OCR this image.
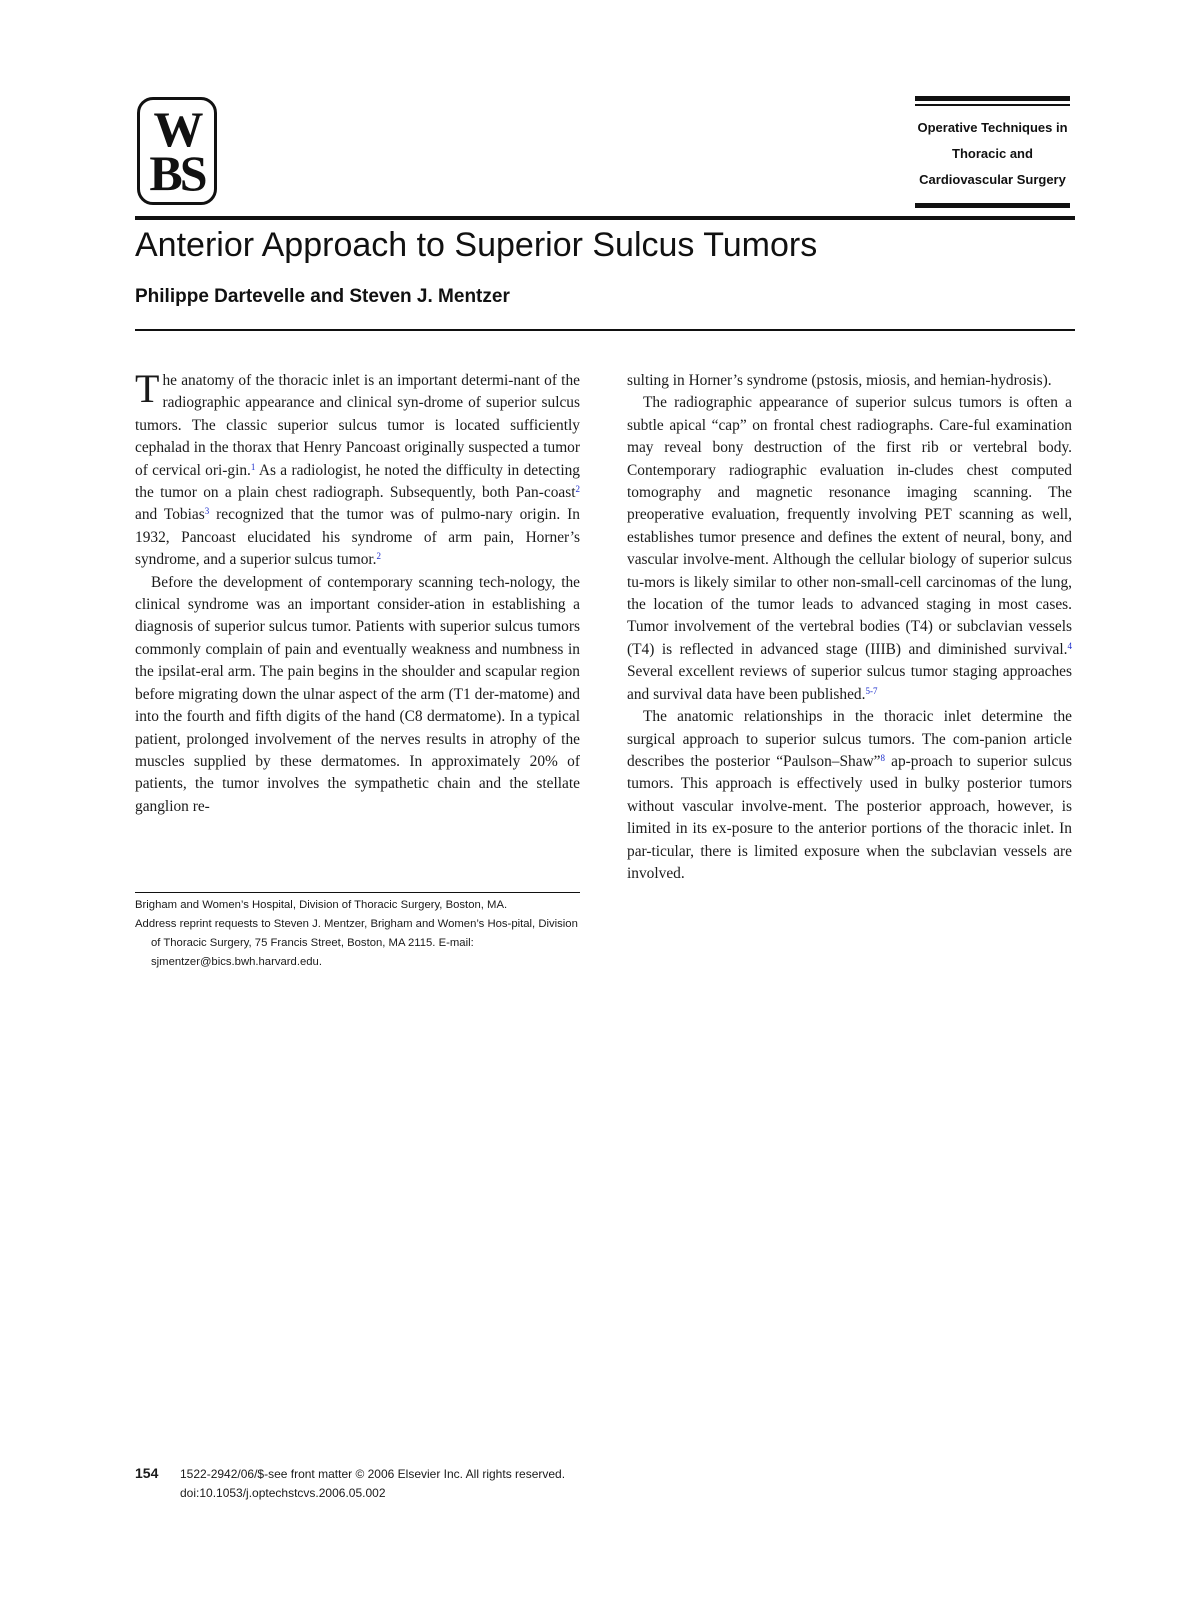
W
BS
Operative Techniques in
Thoracic and
Cardiovascular Surgery
Anterior Approach to Superior Sulcus Tumors
Philippe Dartevelle and Steven J. Mentzer

The anatomy of the thoracic inlet is an important determi-nant of the radiographic appearance and clinical syn-drome of superior sulcus tumors. The classic superior sulcus tumor is located sufficiently cephalad in the thorax that Henry Pancoast originally suspected a tumor of cervical ori-gin.$^1$ As a radiologist, he noted the difficulty in detecting the tumor on a plain chest radiograph. Subsequently, both Pan-coast$^2$ and Tobias$^3$ recognized that the tumor was of pulmo-nary origin. In 1932, Pancoast elucidated his syndrome of arm pain, Horner’s syndrome, and a superior sulcus tumor.$^2$

Before the development of contemporary scanning tech-nology, the clinical syndrome was an important consider-ation in establishing a diagnosis of superior sulcus tumor. Patients with superior sulcus tumors commonly complain of pain and eventually weakness and numbness in the ipsilat-eral arm. The pain begins in the shoulder and scapular region before migrating down the ulnar aspect of the arm (T1 der-matome) and into the fourth and fifth digits of the hand (C8 dermatome). In a typical patient, prolonged involvement of the nerves results in atrophy of the muscles supplied by these dermatomes. In approximately 20% of patients, the tumor involves the sympathetic chain and the stellate ganglion re-

sulting in Horner’s syndrome (pstosis, miosis, and hemian-hydrosis).

The radiographic appearance of superior sulcus tumors is often a subtle apical “cap” on frontal chest radiographs. Care-ful examination may reveal bony destruction of the first rib or vertebral body. Contemporary radiographic evaluation in-cludes chest computed tomography and magnetic resonance imaging scanning. The preoperative evaluation, frequently involving PET scanning as well, establishes tumor presence and defines the extent of neural, bony, and vascular involve-ment. Although the cellular biology of superior sulcus tu-mors is likely similar to other non-small-cell carcinomas of the lung, the location of the tumor leads to advanced staging in most cases. Tumor involvement of the vertebral bodies (T4) or subclavian vessels (T4) is reflected in advanced stage (IIIB) and diminished survival.$^4$ Several excellent reviews of superior sulcus tumor staging approaches and survival data have been published.$^{5-7}$

The anatomic relationships in the thoracic inlet determine the surgical approach to superior sulcus tumors. The com-panion article describes the posterior “Paulson–Shaw”$^8$ ap-proach to superior sulcus tumors. This approach is effectively used in bulky posterior tumors without vascular involve-ment. The posterior approach, however, is limited in its ex-posure to the anterior portions of the thoracic inlet. In par-ticular, there is limited exposure when the subclavian vessels are involved.

Brigham and Women’s Hospital, Division of Thoracic Surgery, Boston, MA.

Address reprint requests to Steven J. Mentzer, Brigham and Women’s Hos-pital, Division of Thoracic Surgery, 75 Francis Street, Boston, MA 2115. E-mail: sjmentzer@bics.bwh.harvard.edu.

154 1522-2942/06/$-see front matter © 2006 Elsevier Inc. All rights reserved.
doi:10.1053/j.optechstcvs.2006.05.002
